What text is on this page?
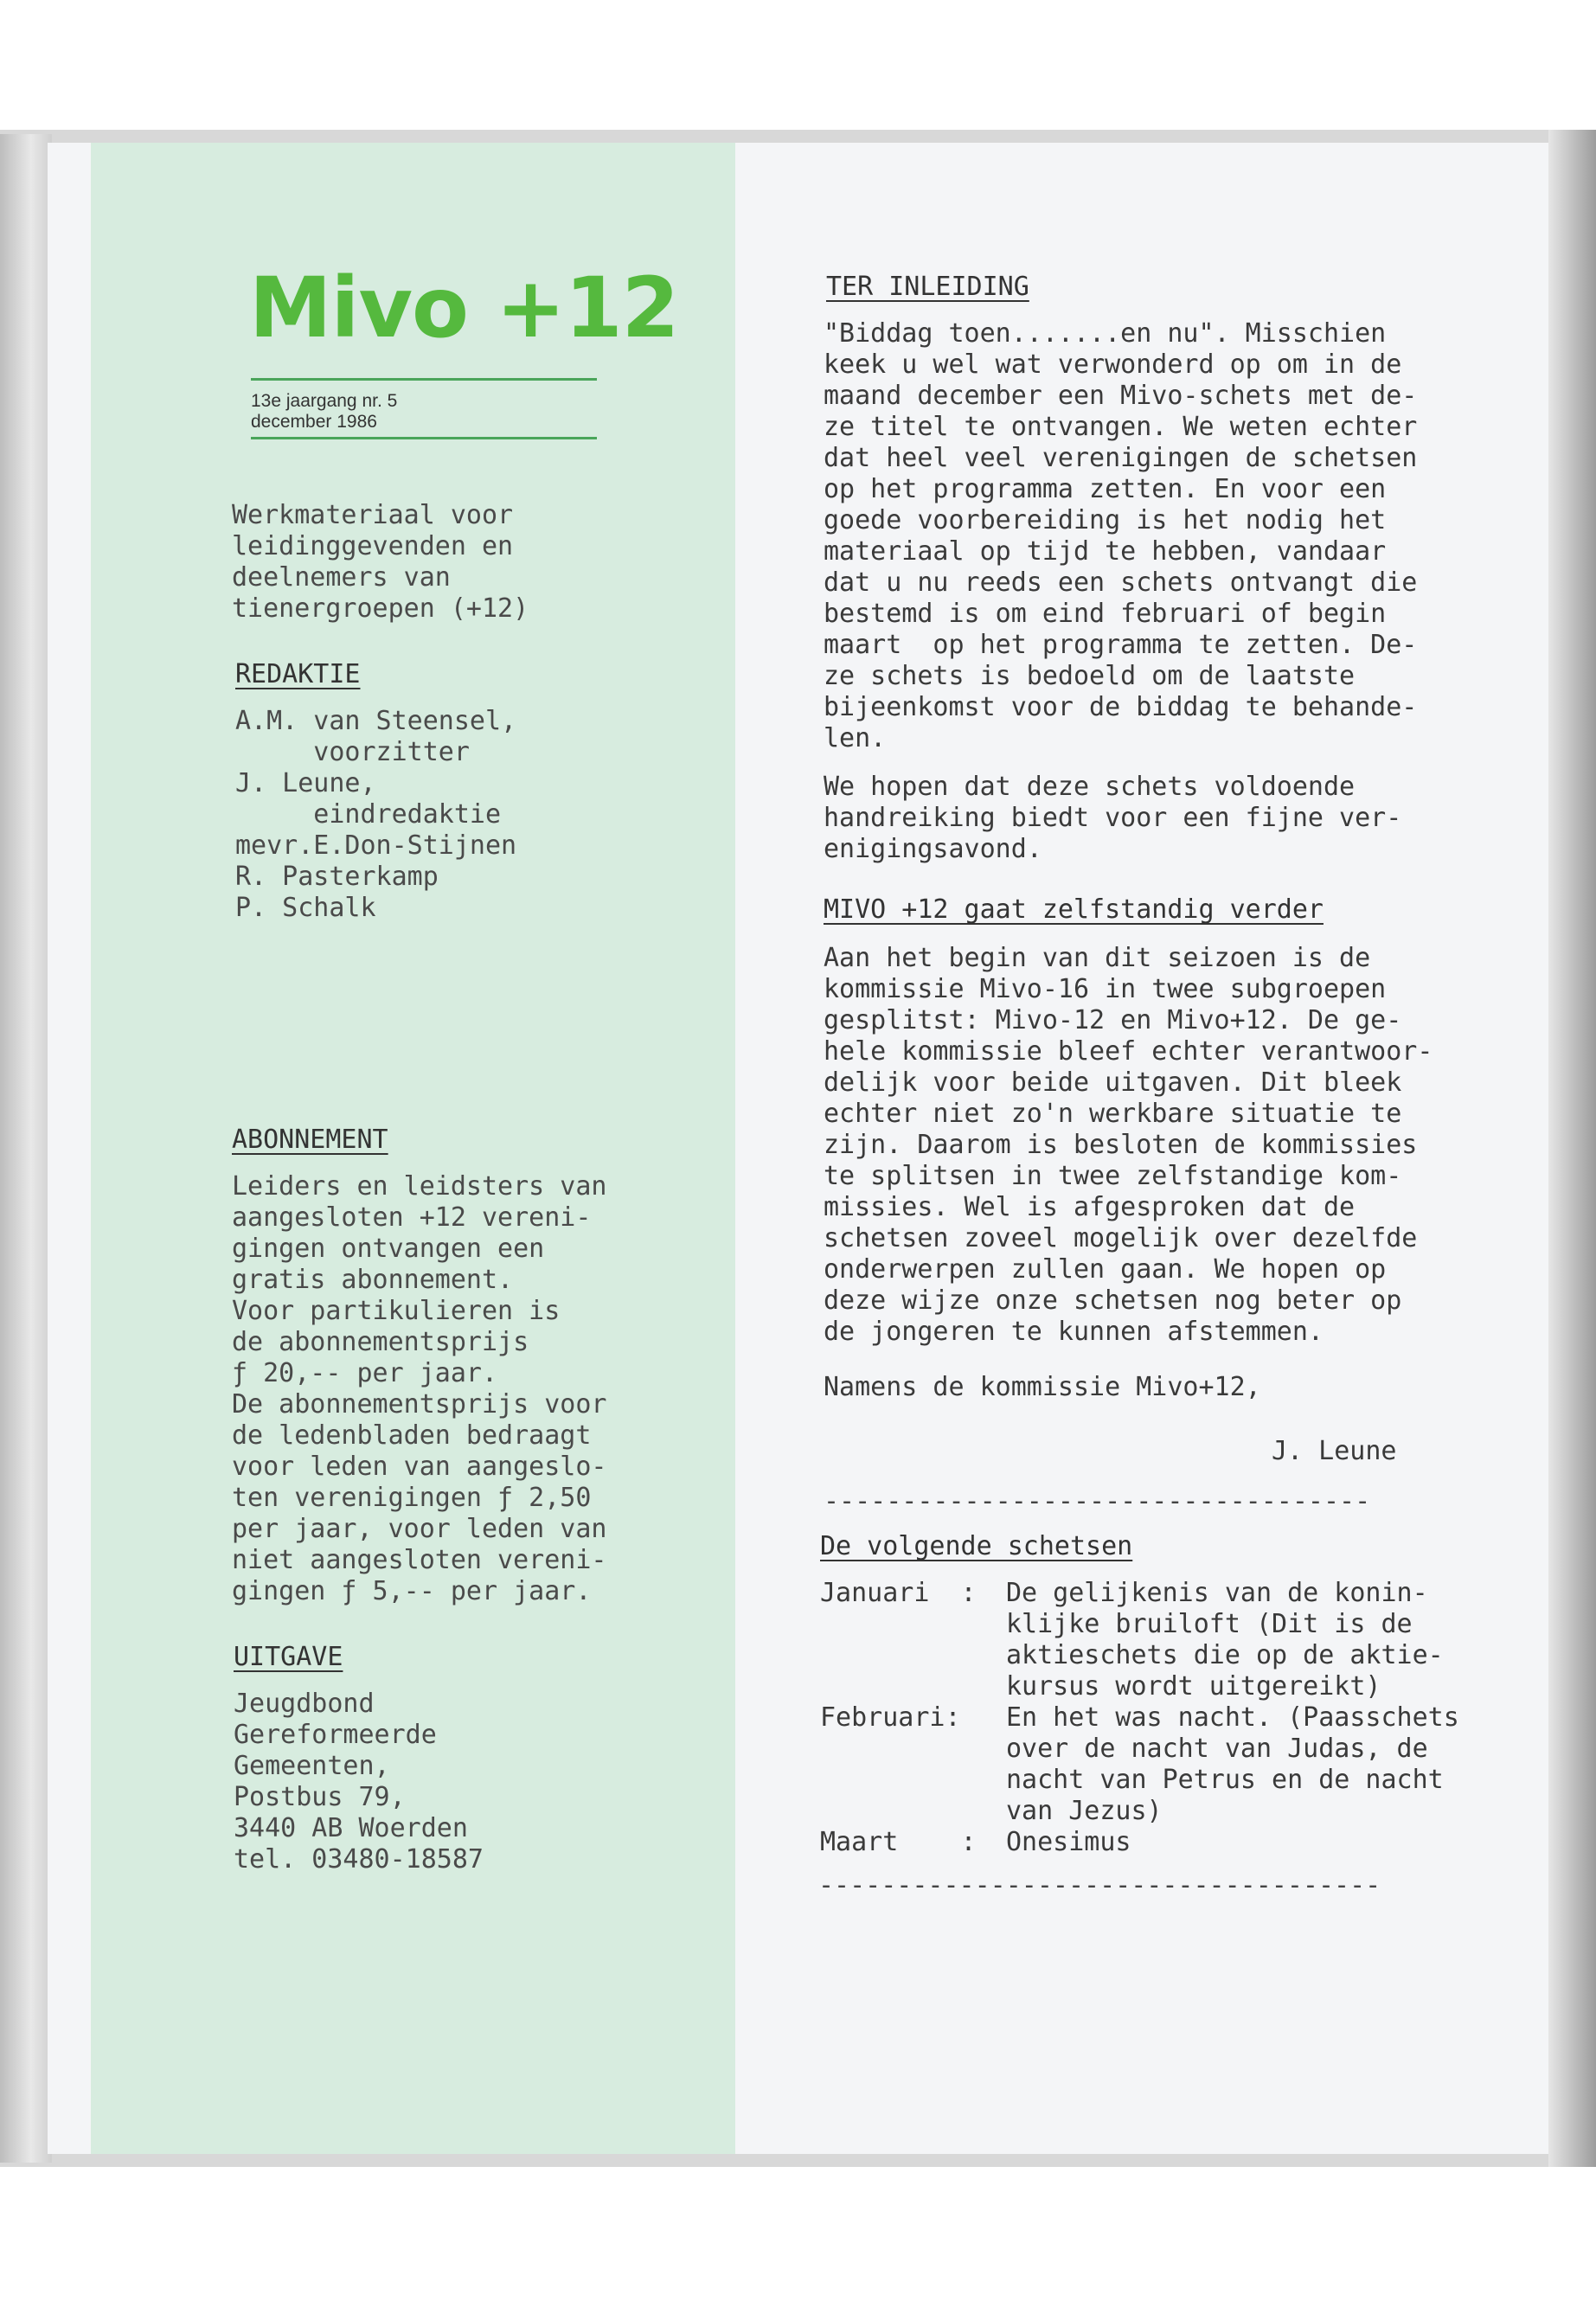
Mivo +12
13e jaargang nr. 5
december 1986
Werkmateriaal voor
leidinggevenden en
deelnemers van
tienergroepen (+12)
REDAKTIE
A.M. van Steensel,
voorzitter
J. Leune,
eindredaktie
mevr.E.Don-Stijnen
R. Pasterkamp
P. Schalk
ABONNEMENT
Leiders en leidsters van
aangesloten +12 vereni-
gingen ontvangen een
gratis abonnement.
Voor partikulieren is
de abonnementsprijs
ƒ 20,-- per jaar.
De abonnementsprijs voor
de ledenbladen bedraagt
voor leden van aangeslo-
ten verenigingen ƒ 2,50
per jaar, voor leden van
niet aangesloten vereni-
gingen ƒ 5,-- per jaar.
UITGAVE
Jeugdbond
Gereformeerde
Gemeenten,
Postbus 79,
3440 AB Woerden
tel. 03480-18587
TER INLEIDING
"Biddag toen.......en nu". Misschien
keek u wel wat verwonderd op om in de
maand december een Mivo-schets met de-
ze titel te ontvangen. We weten echter
dat heel veel verenigingen de schetsen
op het programma zetten. En voor een
goede voorbereiding is het nodig het
materiaal op tijd te hebben, vandaar
dat u nu reeds een schets ontvangt die
bestemd is om eind februari of begin
maart  op het programma te zetten. De-
ze schets is bedoeld om de laatste
bijeenkomst voor de biddag te behande-
len.
We hopen dat deze schets voldoende
handreiking biedt voor een fijne ver-
enigingsavond.
MIVO +12 gaat zelfstandig verder
Aan het begin van dit seizoen is de
kommissie Mivo-16 in twee subgroepen
gesplitst: Mivo-12 en Mivo+12. De ge-
hele kommissie bleef echter verantwoor-
delijk voor beide uitgaven. Dit bleek
echter niet zo'n werkbare situatie te
zijn. Daarom is besloten de kommissies
te splitsen in twee zelfstandige kom-
missies. Wel is afgesproken dat de
schetsen zoveel mogelijk over dezelfde
onderwerpen zullen gaan. We hopen op
deze wijze onze schetsen nog beter op
de jongeren te kunnen afstemmen.
Namens de kommissie Mivo+12,
J. Leune
-----------------------------------
De volgende schetsen
Januari  : De gelijkenis van de konin-
klijke bruiloft (Dit is de
aktieschets die op de aktie-
kursus wordt uitgereikt)
Februari: En het was nacht. (Paasschets
over de nacht van Judas, de
nacht van Petrus en de nacht
van Jezus)
Maart    : Onesimus
------------------------------------
